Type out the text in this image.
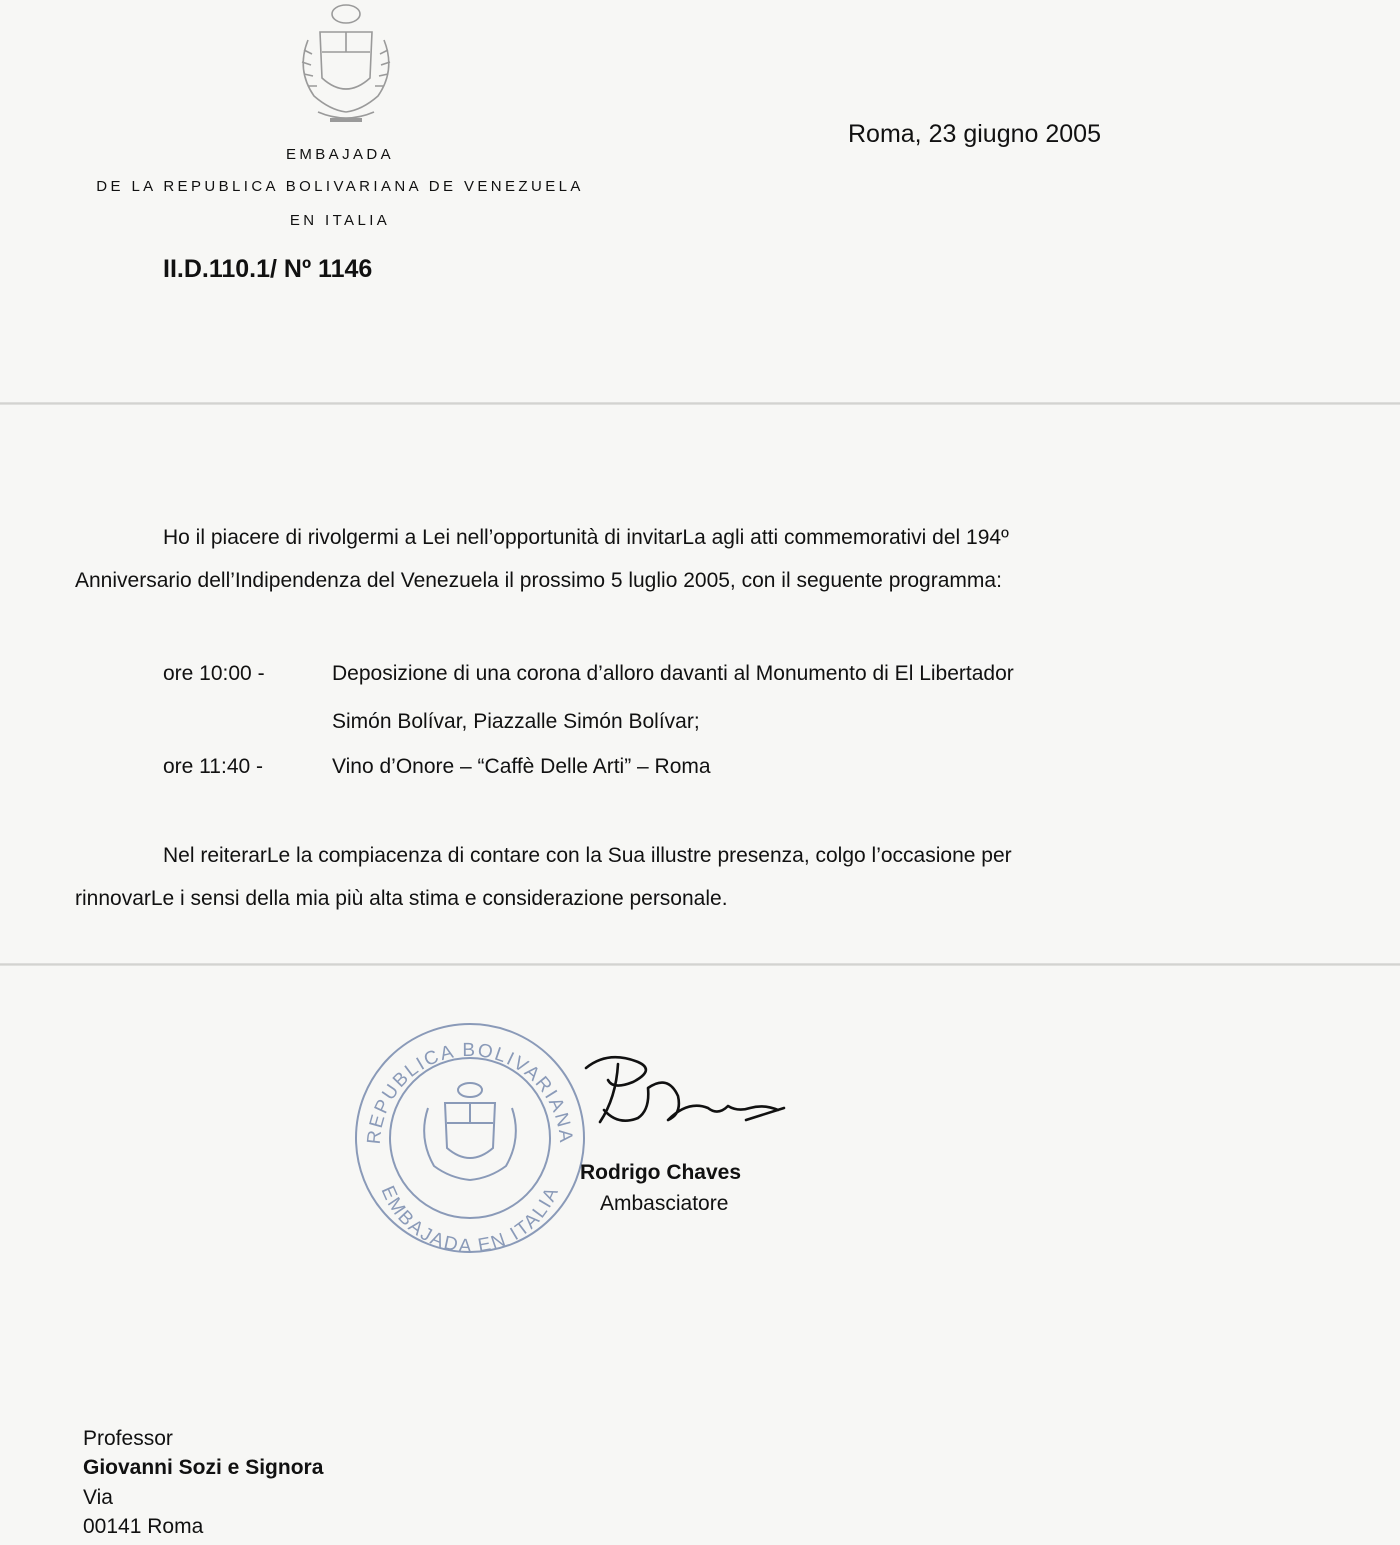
EMBAJADA
DE LA REPUBLICA BOLIVARIANA DE VENEZUELA
EN ITALIA
Roma, 23 giugno 2005
II.D.110.1/ Nº 1146
Ho il piacere di rivolgermi a Lei nell’opportunità di invitarLa agli atti commemorativi del 194º
Anniversario dell’Indipendenza del Venezuela il prossimo 5 luglio 2005, con il seguente programma:
ore 10:00 -	Deposizione di una corona d’alloro davanti al Monumento di El Libertador
Simón Bolívar, Piazzalle Simón Bolívar;
ore 11:40 -	Vino d’Onore – “Caffè Delle Arti” – Roma
Nel reiterarLe la compiacenza di contare con la Sua illustre presenza, colgo l’occasione per
rinnovarLe i sensi della mia più alta stima e considerazione personale.
REPUBLICA BOLIVARIANA
EMBAJADA EN ITALIA
Rodrigo Chaves
Ambasciatore
Professor
Giovanni Sozi e Signora
Via
00141 Roma
